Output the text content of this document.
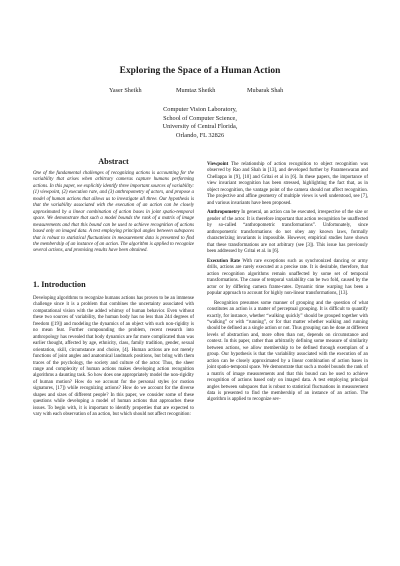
Exploring the Space of a Human Action
Yaser Sheikh	Mumtaz Sheikh	Mubarak Shah
Computer Vision Laboratory,
School of Computer Science,
University of Central Florida,
Orlando, FL 32826
Abstract

One of the fundamental challenges of recognizing actions is accounting for the variability that arises when arbitrary cameras capture humans performing actions. In this paper, we explicitly identify three important sources of variability: (1) viewpoint, (2) execution rate, and (3) anthropometry of actors, and propose a model of human actions that allows us to investigate all three. Our hypothesis is that the variability associated with the execution of an action can be closely approximated by a linear combination of action bases in joint spatio-temporal space. We demonstrate that such a model bounds the rank of a matrix of image measurements and that this bound can be used to achieve recognition of actions based only on imaged data. A test employing principal angles between subspaces that is robust to statistical fluctuations in measurement data is presented to find the membership of an instance of an action. The algorithm is applied to recognize several actions, and promising results have been obtained.

1. Introduction

Developing algorithms to recognize humans actions has proven to be an immense challenge since it is a problem that combines the uncertainty associated with computational vision with the added whimsy of human behavior. Even without these two sources of variability, the human body has no less than 244 degrees of freedom ([19]) and modeling the dynamics of an object with such non-rigidity is no mean feat. Further compounding the problem, recent research into anthropology has revealed that body dynamics are far more complicated than was earlier thought, affected by age, ethnicity, class, family tradition, gender, sexual orientation, skill, circumstance and choice, [4]. Human actions are not merely functions of joint angles and anatomical landmark positions, but bring with them traces of the psychology, the society and culture of the actor. Thus, the sheer range and complexity of human actions makes developing action recognition algorithms a daunting task. So how does one appropriately model the non-rigidity of human motion? How do we account for the personal styles (or motion signatures, [17]) while recognizing actions? How do we account for the diverse shapes and sizes of different people? In this paper, we consider some of these questions while developing a model of human actions that approaches these issues. To begin with, it is important to identify properties that are expected to vary with each observation of an action, but which should not affect recognition:

Viewpoint The relationship of action recognition to object recognition was observed by Rao and Shah in [13], and developed further by Parameswaran and Chellappa in [9], [10] and Gritai et al in [6]. In these papers, the importance of view invariant recognition has been stressed, highlighting the fact that, as in object recognition, the vantage point of the camera should not affect recognition. The projective and affine geometry of multiple views is well understood, see [7], and various invariants have been proposed.

Anthropometry In general, an action can be executed, irrespective of the size or gender of the actor. It is therefore important that action recognition be unaffected by so-called “anthropometric transformations”. Unfortunately, since anthropometric transformations do not obey any known laws, formally characterizing invariants is impossible. However, empirical studies have shown that these transformations are not arbitrary (see [3]). This issue has previously been addressed by Gritai et al. in [6].

Execution Rate With rare exceptions such as synchronized dancing or army drills, actions are rarely executed at a precise rate. It is desirable, therefore, that action recognition algorithms remain unaffected by some set of temporal transformations. The cause of temporal variability can be two fold, caused by the actor or by differing camera frame-rates. Dynamic time warping has been a popular approach to account for highly non-linear transformations, [13].

Recognition presumes some manner of grouping and the question of what constitutes an action is a matter of perceptual grouping. It is difficult to quantify exactly, for instance, whether “walking quickly” should be grouped together with “walking” or with “running”, or for that matter whether walking and running should be defined as a single action or not. Thus grouping can be done at different levels of abstraction and, more often than not, depends on circumstance and context. In this paper, rather than arbitrarily defining some measure of similarity between actions, we allow membership to be defined through exemplars of a group. Our hypothesis is that the variability associated with the execution of an action can be closely approximated by a linear combination of action bases in joint spatio-temporal space. We demonstrate that such a model bounds the rank of a matrix of image measurements and that this bound can be used to achieve recognition of actions based only on imaged data. A test employing principal angles between subspaces that is robust to statistical fluctuations in measurement data is presented to find the membership of an instance of an action. The algorithm is applied to recognize sev-
